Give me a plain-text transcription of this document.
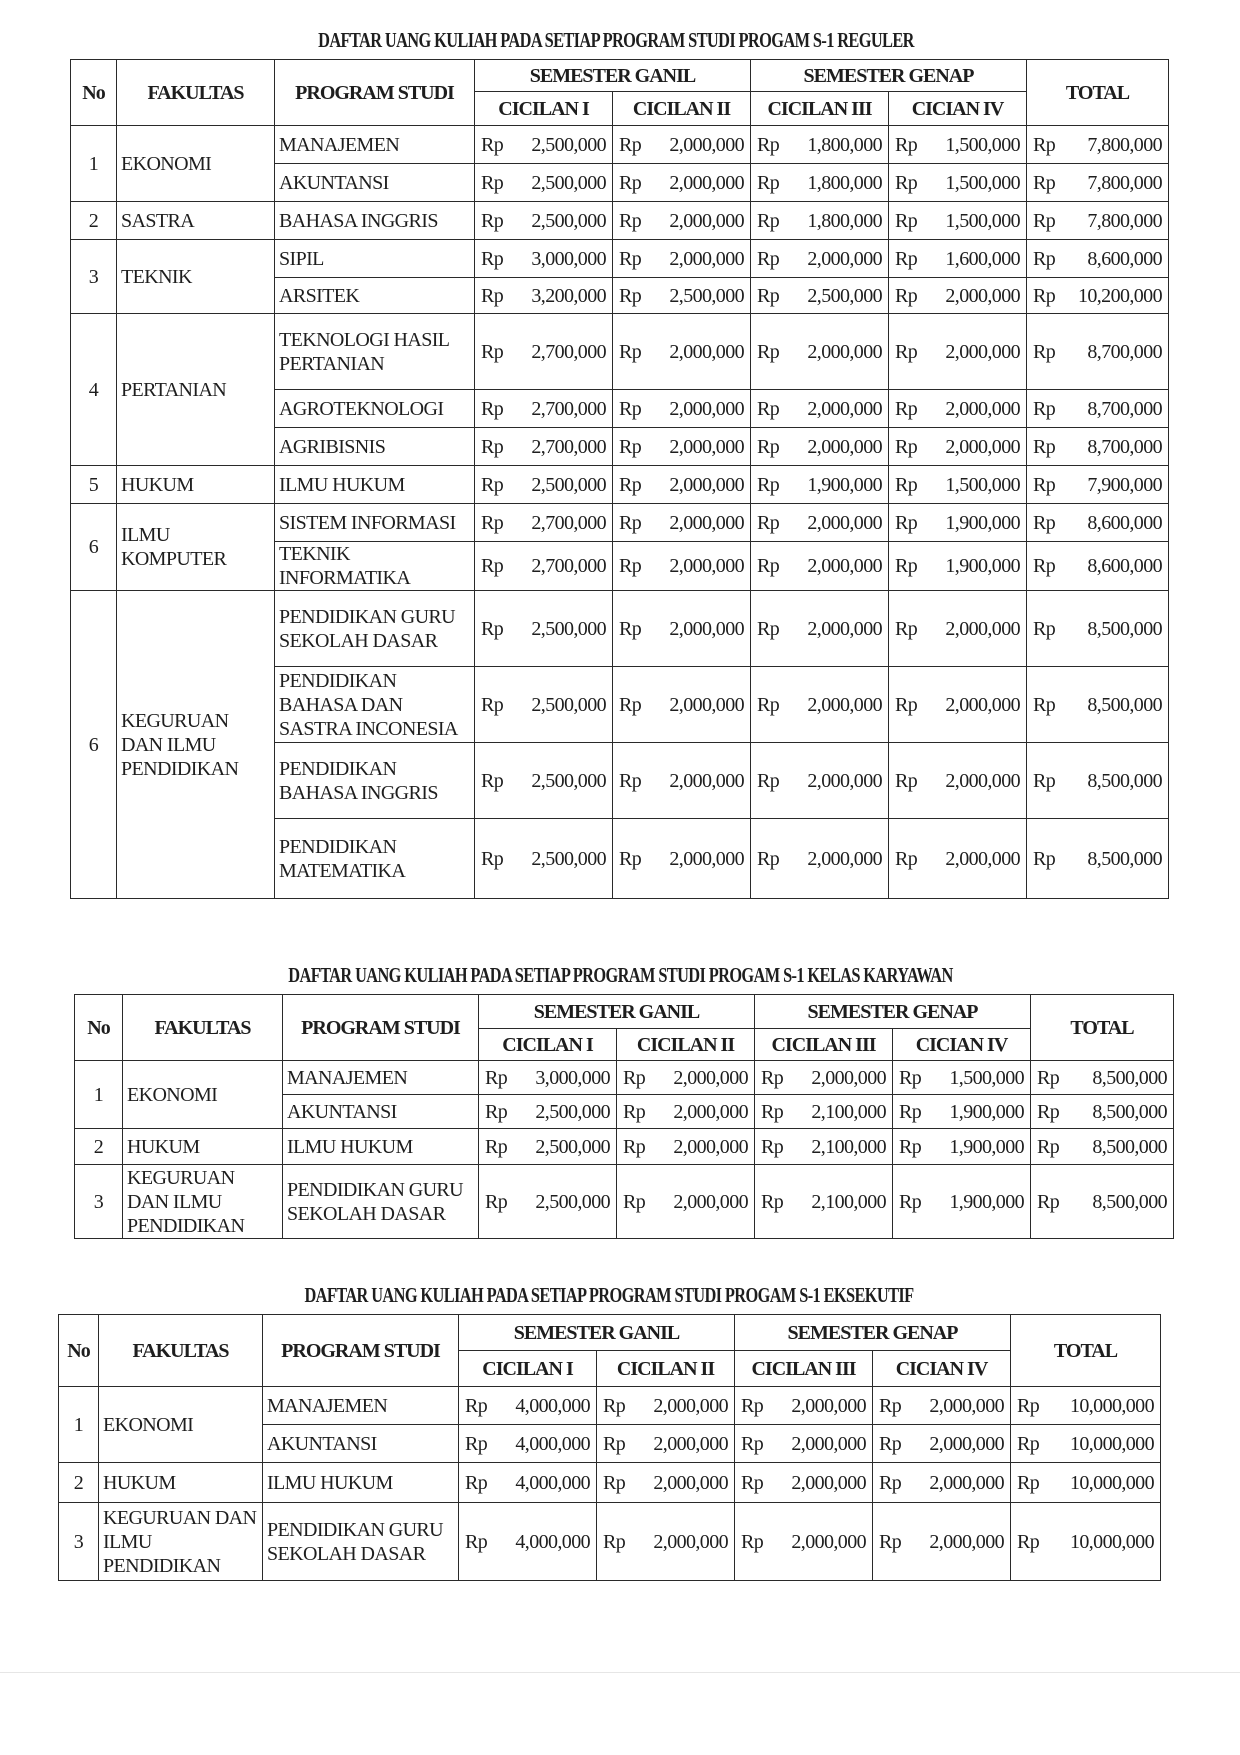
DAFTAR UANG KULIAH PADA SETIAP PROGRAM STUDI PROGAM S-1 REGULER
No	FAKULTAS	PROGRAM STUDI	SEMESTER GANIL				SEMESTER GENAP				TOTAL	
			CICILAN I		CICILAN II		CICILAN III		CICIAN IV			
1	EKONOMI	MANAJEMEN	Rp	2,500,000	Rp	2,000,000	Rp	1,800,000	Rp	1,500,000	Rp	7,800,000
		AKUNTANSI	Rp	2,500,000	Rp	2,000,000	Rp	1,800,000	Rp	1,500,000	Rp	7,800,000
2	SASTRA	BAHASA INGGRIS	Rp	2,500,000	Rp	2,000,000	Rp	1,800,000	Rp	1,500,000	Rp	7,800,000
3	TEKNIK	SIPIL	Rp	3,000,000	Rp	2,000,000	Rp	2,000,000	Rp	1,600,000	Rp	8,600,000
		ARSITEK	Rp	3,200,000	Rp	2,500,000	Rp	2,500,000	Rp	2,000,000	Rp	10,200,000
4	PERTANIAN	TEKNOLOGI HASIL PERTANIAN	Rp	2,700,000	Rp	2,000,000	Rp	2,000,000	Rp	2,000,000	Rp	8,700,000
		AGROTEKNOLOGI	Rp	2,700,000	Rp	2,000,000	Rp	2,000,000	Rp	2,000,000	Rp	8,700,000
		AGRIBISNIS	Rp	2,700,000	Rp	2,000,000	Rp	2,000,000	Rp	2,000,000	Rp	8,700,000
5	HUKUM	ILMU HUKUM	Rp	2,500,000	Rp	2,000,000	Rp	1,900,000	Rp	1,500,000	Rp	7,900,000
6	ILMU KOMPUTER	SISTEM INFORMASI	Rp	2,700,000	Rp	2,000,000	Rp	2,000,000	Rp	1,900,000	Rp	8,600,000
		TEKNIK INFORMATIKA	Rp	2,700,000	Rp	2,000,000	Rp	2,000,000	Rp	1,900,000	Rp	8,600,000
6	KEGURUAN DAN ILMU PENDIDIKAN	PENDIDIKAN GURU SEKOLAH DASAR	Rp	2,500,000	Rp	2,000,000	Rp	2,000,000	Rp	2,000,000	Rp	8,500,000
		PENDIDIKAN BAHASA DAN SASTRA INCONESIA	Rp	2,500,000	Rp	2,000,000	Rp	2,000,000	Rp	2,000,000	Rp	8,500,000
		PENDIDIKAN BAHASA INGGRIS	Rp	2,500,000	Rp	2,000,000	Rp	2,000,000	Rp	2,000,000	Rp	8,500,000
		PENDIDIKAN MATEMATIKA	Rp	2,500,000	Rp	2,000,000	Rp	2,000,000	Rp	2,000,000	Rp	8,500,000
DAFTAR UANG KULIAH PADA SETIAP PROGRAM STUDI PROGAM S-1 KELAS KARYAWAN
No	FAKULTAS	PROGRAM STUDI	SEMESTER GANIL				SEMESTER GENAP				TOTAL	
			CICILAN I		CICILAN II		CICILAN III		CICIAN IV			
1	EKONOMI	MANAJEMEN	Rp	3,000,000	Rp	2,000,000	Rp	2,000,000	Rp	1,500,000	Rp	8,500,000
		AKUNTANSI	Rp	2,500,000	Rp	2,000,000	Rp	2,100,000	Rp	1,900,000	Rp	8,500,000
2	HUKUM	ILMU HUKUM	Rp	2,500,000	Rp	2,000,000	Rp	2,100,000	Rp	1,900,000	Rp	8,500,000
3	KEGURUAN DAN ILMU PENDIDIKAN	PENDIDIKAN GURU SEKOLAH DASAR	Rp	2,500,000	Rp	2,000,000	Rp	2,100,000	Rp	1,900,000	Rp	8,500,000
DAFTAR UANG KULIAH PADA SETIAP PROGRAM STUDI PROGAM S-1 EKSEKUTIF
No	FAKULTAS	PROGRAM STUDI	SEMESTER GANIL				SEMESTER GENAP				TOTAL	
			CICILAN I		CICILAN II		CICILAN III		CICIAN IV			
1	EKONOMI	MANAJEMEN	Rp	4,000,000	Rp	2,000,000	Rp	2,000,000	Rp	2,000,000	Rp	10,000,000
		AKUNTANSI	Rp	4,000,000	Rp	2,000,000	Rp	2,000,000	Rp	2,000,000	Rp	10,000,000
2	HUKUM	ILMU HUKUM	Rp	4,000,000	Rp	2,000,000	Rp	2,000,000	Rp	2,000,000	Rp	10,000,000
3	KEGURUAN DAN ILMU PENDIDIKAN	PENDIDIKAN GURU SEKOLAH DASAR	Rp	4,000,000	Rp	2,000,000	Rp	2,000,000	Rp	2,000,000	Rp	10,000,000
